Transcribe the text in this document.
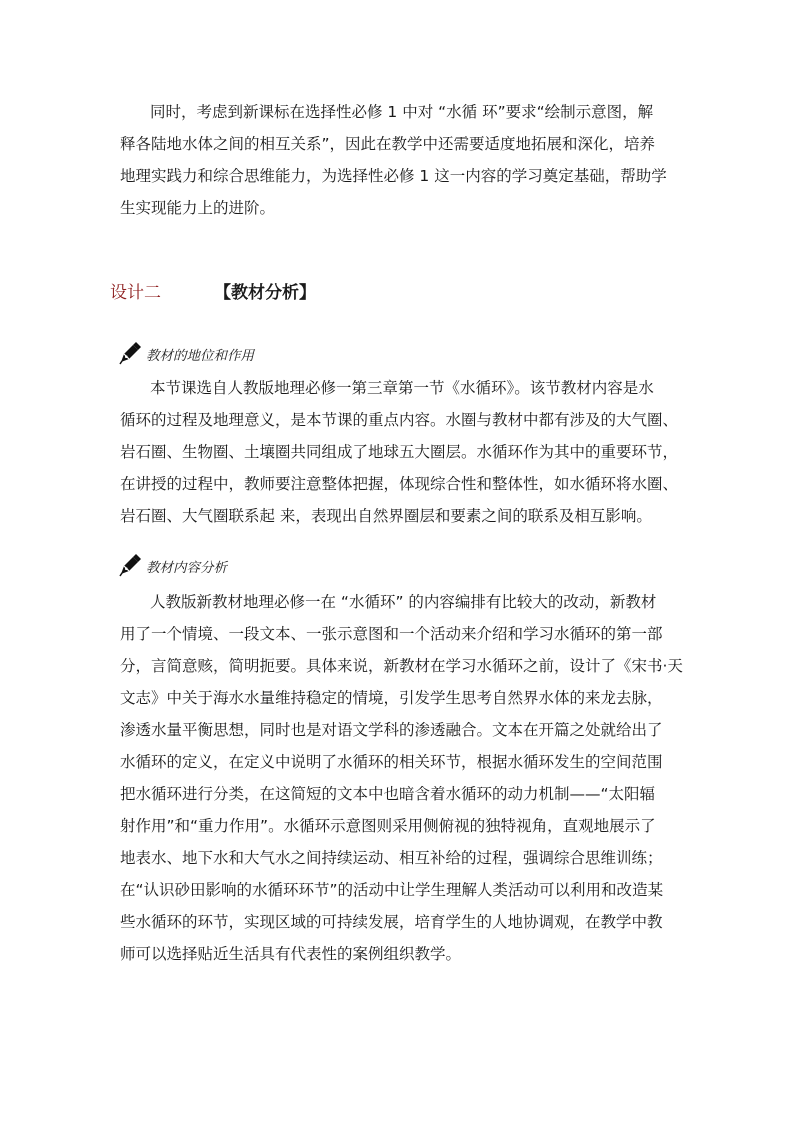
同时，考虑到新课标在选择性必修 1 中对 “水循 环”要求“绘制示意图，解
释各陆地水体之间的相互关系”，因此在教学中还需要适度地拓展和深化，培养
地理实践力和综合思维能力，为选择性必修 1 这一内容的学习奠定基础，帮助学
生实现能力上的进阶。
设计二	【教材分析】
教材的地位和作用
本节课选自人教版地理必修一第三章第一节《水循环》。该节教材内容是水
循环的过程及地理意义，是本节课的重点内容。水圈与教材中都有涉及的大气圈、
岩石圈、生物圈、土壤圈共同组成了地球五大圈层。水循环作为其中的重要环节，
在讲授的过程中，教师要注意整体把握，体现综合性和整体性，如水循环将水圈、
岩石圈、大气圈联系起 来，表现出自然界圈层和要素之间的联系及相互影响。
教材内容分析
人教版新教材地理必修一在 “水循环” 的内容编排有比较大的改动，新教材
用了一个情境、一段文本、一张示意图和一个活动来介绍和学习水循环的第一部
分，言简意赅，简明扼要。具体来说，新教材在学习水循环之前，设计了《宋书·天
文志》中关于海水水量维持稳定的情境，引发学生思考自然界水体的来龙去脉，
渗透水量平衡思想，同时也是对语文学科的渗透融合。文本在开篇之处就给出了
水循环的定义，在定义中说明了水循环的相关环节，根据水循环发生的空间范围
把水循环进行分类，在这简短的文本中也暗含着水循环的动力机制——“太阳辐
射作用”和“重力作用”。水循环示意图则采用侧俯视的独特视角，直观地展示了
地表水、地下水和大气水之间持续运动、相互补给的过程，强调综合思维训练；
在“认识砂田影响的水循环环节”的活动中让学生理解人类活动可以利用和改造某
些水循环的环节，实现区域的可持续发展，培育学生的人地协调观，在教学中教
师可以选择贴近生活具有代表性的案例组织教学。
